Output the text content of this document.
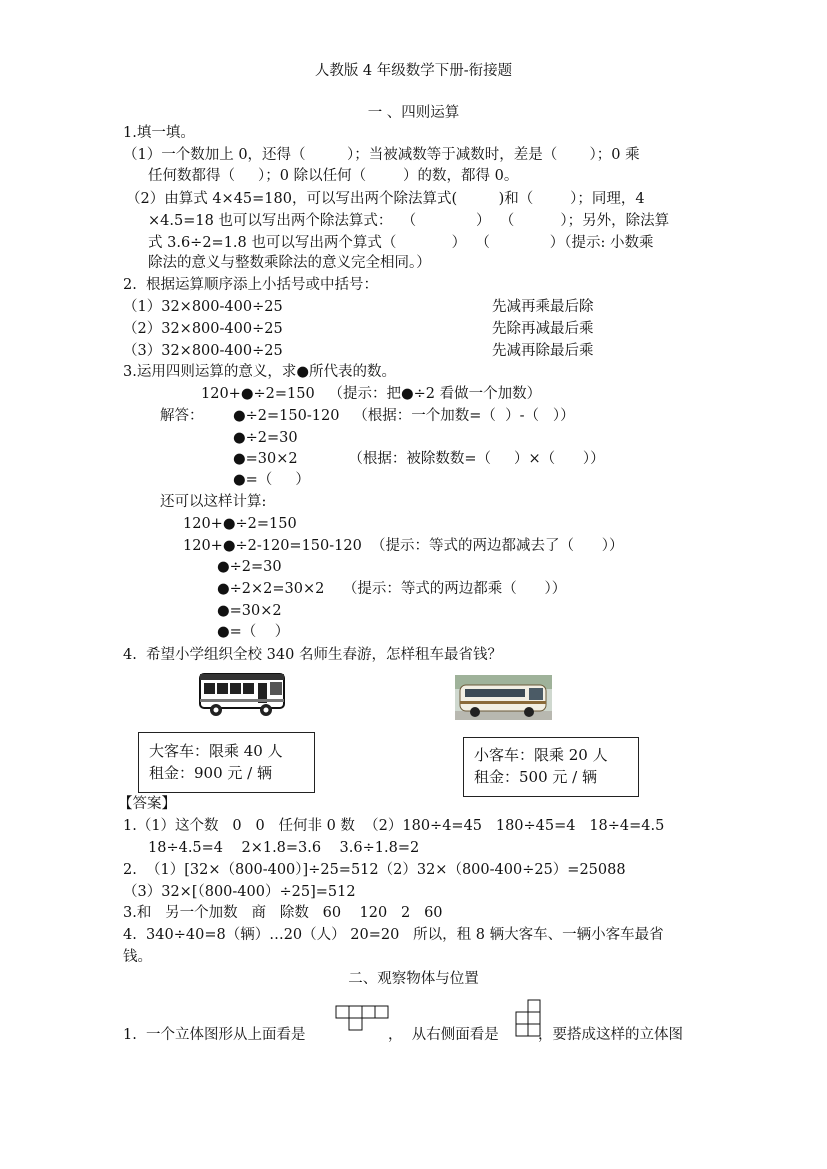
人教版 4 年级数学下册-衔接题
一 、四则运算
1.填一填。
（1）一个数加上 0，还得（         ）；当被减数等于减数时，差是（       ）；0 乘
任何数都得（     ）；0 除以任何（        ）的数，都得 0。
（2）由算式 4×45=180，可以写出两个除法算式(         )和（        ）；同理，4
×4.5=18 也可以写出两个除法算式：  （             ）  （          ）；另外，除法算
式 3.6÷2=1.8 也可以写出两个算式（            ）  （             ）（提示: 小数乘
除法的意义与整数乘除法的意义完全相同。）
2.  根据运算顺序添上小括号或中括号：
（1）32×800-400÷25	先减再乘最后除
（2）32×800-400÷25	先除再减最后乘
（3）32×800-400÷25	先减再除最后乘
3.运用四则运算的意义，求●所代表的数。
120+●÷2=150   （提示：把●÷2 看做一个加数）
解答： ●÷2=150-120   （根据：一个加数=（  ）-（   ））
●÷2=30
●=30×2           （根据：被除数数=（     ）×（      ））
●=（     ）
还可以这样计算:
120+●÷2=150
120+●÷2-120=150-120  （提示：等式的两边都减去了（      ））
●÷2=30
●÷2×2=30×2    （提示：等式的两边都乘（      ））
●=30×2
●=（    ）
4.  希望小学组织全校 340 名师生春游，怎样租车最省钱？
大客车：限乘 40 人
租金：900 元 / 辆
小客车：限乘 20 人
租金：500 元 / 辆
【答案】
1.（1）这个数   0   0   任何非 0 数  （2）180÷4=45   180÷45=4   18÷4=4.5
18÷4.5=4    2×1.8=3.6    3.6÷1.8=2
2.  （1）[32×（800-400）]÷25=512（2）32×（800-400÷25）=25088
（3）32×[（800-400）÷25]=512
3.和   另一个加数   商   除数   60    120   2   60
4.  340÷40=8（辆）…20（人） 20=20   所以，租 8 辆大客车、一辆小客车最省
钱。
二、观察物体与位置
1.  一个立体图形从上面看是	，  从右侧面看是	，要搭成这样的立体图
